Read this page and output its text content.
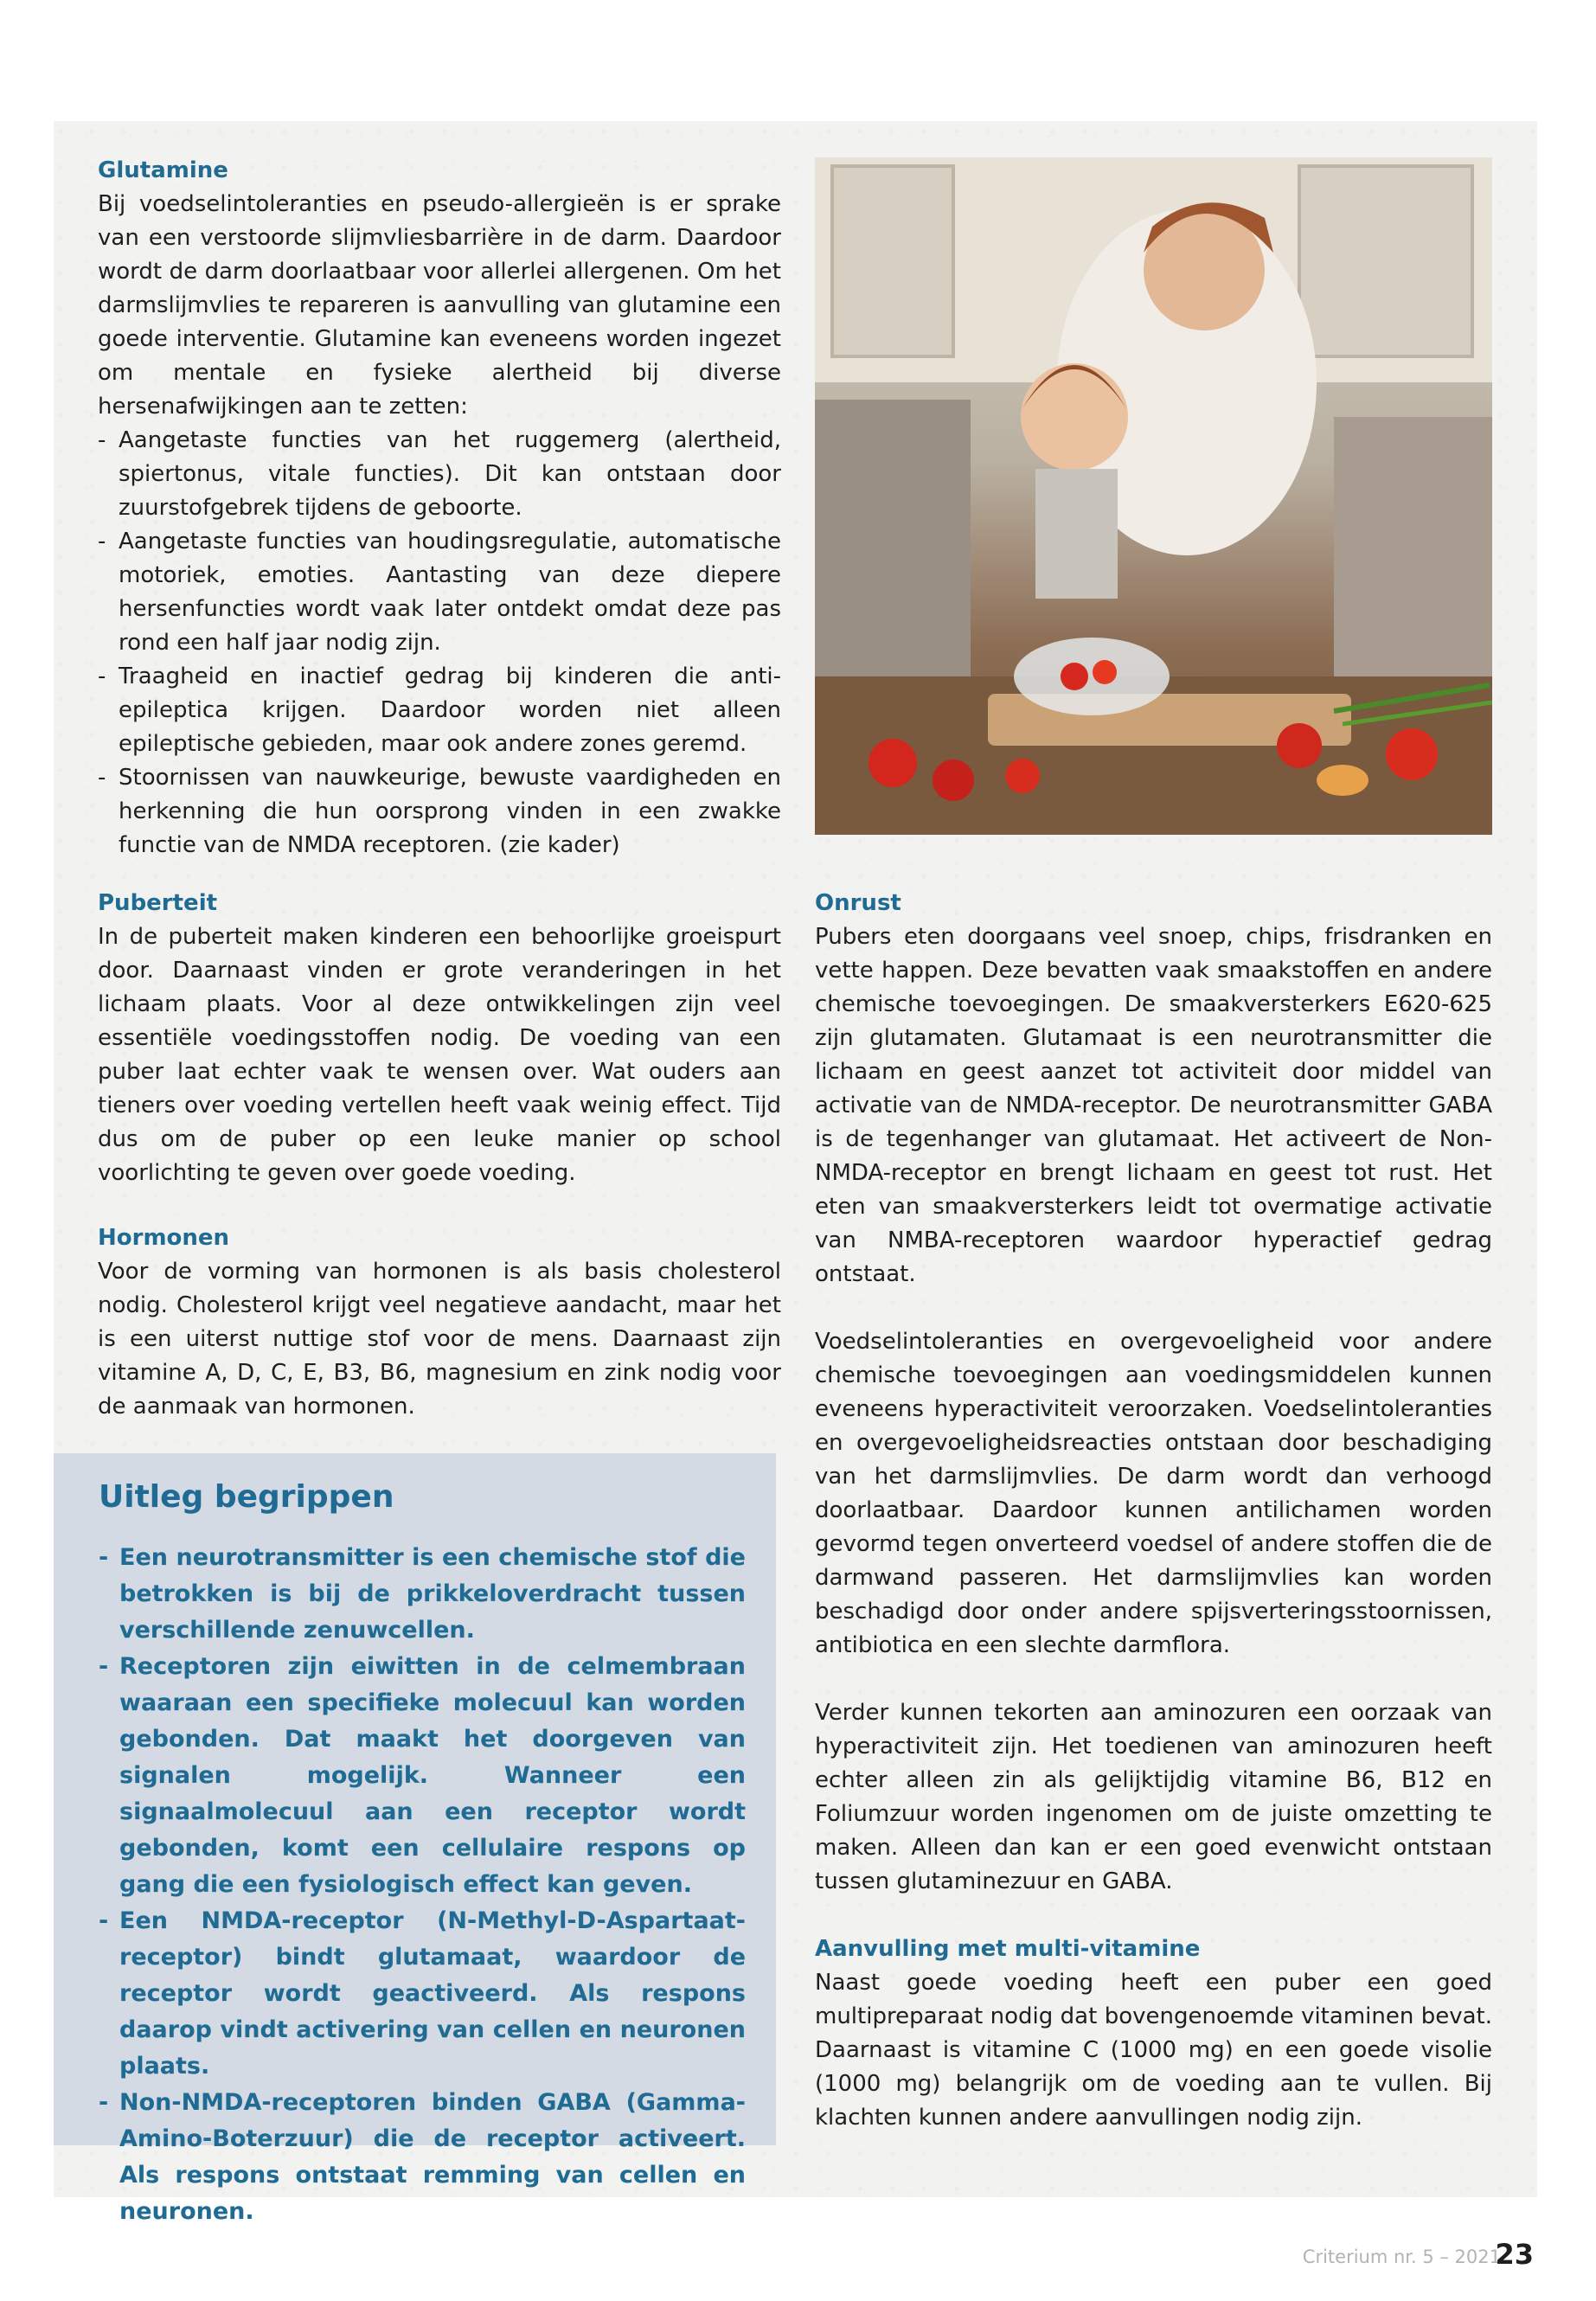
Glutamine

Bij voedselintoleranties en pseudo-allergieën is er sprake van een verstoorde slijmvliesbarrière in de darm. Daardoor wordt de darm doorlaatbaar voor allerlei allergenen. Om het darmslijmvlies te repareren is aanvulling van glutamine een goede interventie. Glutamine kan eveneens worden ingezet om mentale en fysieke alertheid bij diverse hersenafwijkingen aan te zetten:

- Aangetaste functies van het ruggemerg (alertheid, spiertonus, vitale functies). Dit kan ontstaan door zuurstofgebrek tijdens de geboorte.
- Aangetaste functies van houdingsregulatie, automatische motoriek, emoties. Aantasting van deze diepere hersenfuncties wordt vaak later ontdekt omdat deze pas rond een half jaar nodig zijn.
- Traagheid en inactief gedrag bij kinderen die anti-epileptica krijgen. Daardoor worden niet alleen epileptische gebieden, maar ook andere zones geremd.
- Stoornissen van nauwkeurige, bewuste vaardigheden en herkenning die hun oorsprong vinden in een zwakke functie van de NMDA receptoren. (zie kader)
Puberteit

In de puberteit maken kinderen een behoorlijke groeispurt door. Daarnaast vinden er grote veranderingen in het lichaam plaats. Voor al deze ontwikkelingen zijn veel essentiële voedingsstoffen nodig. De voeding van een puber laat echter vaak te wensen over. Wat ouders aan tieners over voeding vertellen heeft vaak weinig effect. Tijd dus om de puber op een leuke manier op school voorlichting te geven over goede voeding.

Hormonen

Voor de vorming van hormonen is als basis cholesterol nodig. Cholesterol krijgt veel negatieve aandacht, maar het is een uiterst nuttige stof voor de mens. Daarnaast zijn vitamine A, D, C, E, B3, B6, magnesium en zink nodig voor de aanmaak van hormonen.

Uitleg begrippen
- Een neurotransmitter is een chemische stof die betrokken is bij de prikkeloverdracht tussen verschillende zenuwcellen.
- Receptoren zijn eiwitten in de celmembraan waaraan een specifieke molecuul kan worden gebonden. Dat maakt het doorgeven van signalen mogelijk. Wanneer een signaalmolecuul aan een receptor wordt gebonden, komt een cellulaire respons op gang die een fysiologisch effect kan geven.
- Een NMDA-receptor (N-Methyl-D-Aspartaat-receptor) bindt glutamaat, waardoor de receptor wordt geactiveerd. Als respons daarop vindt activering van cellen en neuronen plaats.
- Non-NMDA-receptoren binden GABA (Gamma-Amino-Boterzuur) die de receptor activeert. Als respons ontstaat remming van cellen en neuronen.
Onrust

Pubers eten doorgaans veel snoep, chips, frisdranken en vette happen. Deze bevatten vaak smaakstoffen en andere chemische toevoegingen. De smaakversterkers E620-625 zijn glutamaten. Glutamaat is een neurotransmitter die lichaam en geest aanzet tot activiteit door middel van activatie van de NMDA-receptor. De neurotransmitter GABA is de tegenhanger van glutamaat. Het activeert de Non-NMDA-receptor en brengt lichaam en geest tot rust. Het eten van smaakversterkers leidt tot overmatige activatie van NMBA-receptoren waardoor hyperactief gedrag ontstaat.

Voedselintoleranties en overgevoeligheid voor andere chemische toevoegingen aan voedingsmiddelen kunnen eveneens hyperactiviteit veroorzaken. Voedselintoleranties en overgevoeligheidsreacties ontstaan door beschadiging van het darmslijmvlies. De darm wordt dan verhoogd doorlaatbaar. Daardoor kunnen antilichamen worden gevormd tegen onverteerd voedsel of andere stoffen die de darmwand passeren. Het darmslijmvlies kan worden beschadigd door onder andere spijsverteringsstoornissen, antibiotica en een slechte darmflora.

Verder kunnen tekorten aan aminozuren een oorzaak van hyperactiviteit zijn. Het toedienen van aminozuren heeft echter alleen zin als gelijktijdig vitamine B6, B12 en Foliumzuur worden ingenomen om de juiste omzetting te maken. Alleen dan kan er een goed evenwicht ontstaan tussen glutaminezuur en GABA.

Aanvulling met multi-vitamine

Naast goede voeding heeft een puber een goed multipreparaat nodig dat bovengenoemde vitaminen bevat. Daarnaast is vitamine C (1000 mg) en een goede visolie (1000 mg) belangrijk om de voeding aan te vullen. Bij klachten kunnen andere aanvullingen nodig zijn.

Criterium nr. 5 – 2021
23
